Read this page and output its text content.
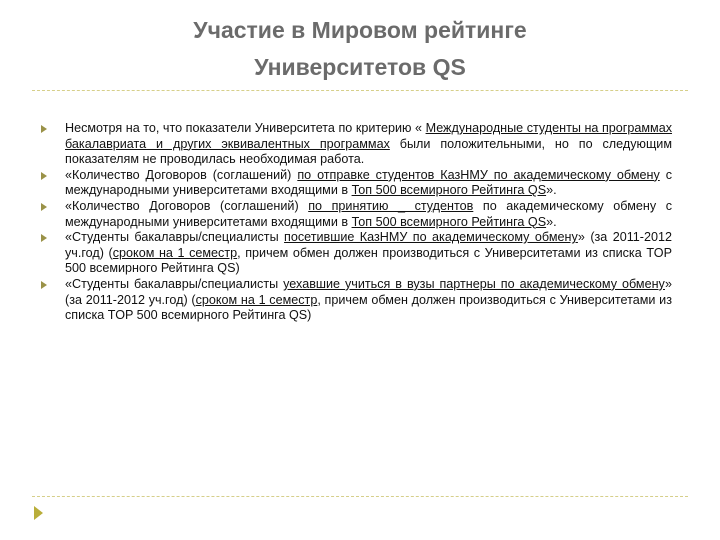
Участие в Мировом рейтинге
Университетов QS
Несмотря на то, что показатели Университета по критерию « Международные студенты на программах бакалавриата и других эквивалентных программах были положительными, но по следующим показателям не проводилась необходимая работа.
«Количество Договоров (соглашений) по отправке студентов КазНМУ по академическому обмену с международными университетами входящими в Топ 500 всемирного Рейтинга QS».
«Количество Договоров (соглашений) по принятию _ студентов по академическому обмену с международными университетами входящими в Топ 500 всемирного Рейтинга QS».
«Студенты бакалавры/специалисты посетившие КазНМУ по академическому обмену» (за 2011-2012 уч.год) (сроком на 1 семестр, причем обмен должен производиться с Университетами из списка TOP 500 всемирного Рейтинга QS)
«Студенты бакалавры/специалисты уехавшие учиться в вузы партнеры по академическому обмену» (за 2011-2012 уч.год) (сроком на 1 семестр, причем обмен должен производиться с Университетами из списка TOP 500 всемирного Рейтинга QS)
